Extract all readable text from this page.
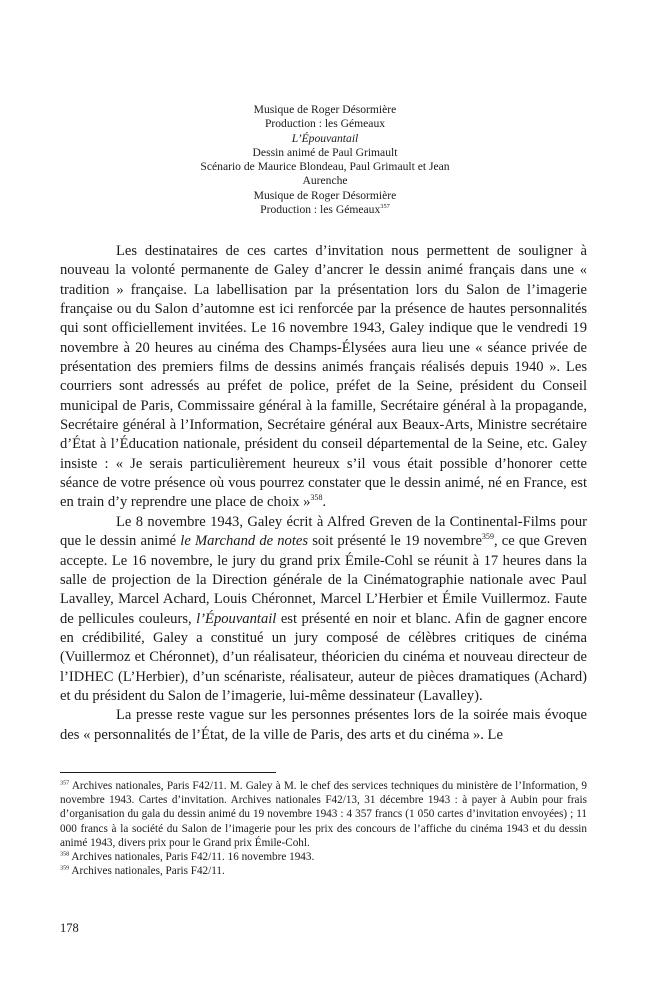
Musique de Roger Désormière
Production : les Gémeaux
L’Épouvantail
Dessin animé de Paul Grimault
Scénario de Maurice Blondeau, Paul Grimault et Jean
Aurenche
Musique de Roger Désormière
Production : les Gémeaux$^{357}$

Les destinataires de ces cartes d’invitation nous permettent de souligner à nouveau la volonté permanente de Galey d’ancrer le dessin animé français dans une « tradition » française. La labellisation par la présentation lors du Salon de l’imagerie française ou du Salon d’automne est ici renforcée par la présence de hautes personnalités qui sont officiellement invitées. Le 16 novembre 1943, Galey indique que le vendredi 19 novembre à 20 heures au cinéma des Champs-Élysées aura lieu une « séance privée de présentation des premiers films de dessins animés français réalisés depuis 1940 ». Les courriers sont adressés au préfet de police, préfet de la Seine, président du Conseil municipal de Paris, Commissaire général à la famille, Secrétaire général à la propagande, Secrétaire général à l’Information, Secrétaire général aux Beaux-Arts, Ministre secrétaire d’État à l’Éducation nationale, président du conseil départemental de la Seine, etc. Galey insiste : « Je serais particulièrement heureux s’il vous était possible d’honorer cette séance de votre présence où vous pourrez constater que le dessin animé, né en France, est en train d’y reprendre une place de choix »$^{358}$.

Le 8 novembre 1943, Galey écrit à Alfred Greven de la Continental-Films pour que le dessin animé le Marchand de notes soit présenté le 19 novembre$^{359}$, ce que Greven accepte. Le 16 novembre, le jury du grand prix Émile-Cohl se réunit à 17 heures dans la salle de projection de la Direction générale de la Cinématographie nationale avec Paul Lavalley, Marcel Achard, Louis Chéronnet, Marcel L’Herbier et Émile Vuillermoz. Faute de pellicules couleurs, l’Épouvantail est présenté en noir et blanc. Afin de gagner encore en crédibilité, Galey a constitué un jury composé de célèbres critiques de cinéma (Vuillermoz et Chéronnet), d’un réalisateur, théoricien du cinéma et nouveau directeur de l’IDHEC (L’Herbier), d’un scénariste, réalisateur, auteur de pièces dramatiques (Achard) et du président du Salon de l’imagerie, lui-même dessinateur (Lavalley).

La presse reste vague sur les personnes présentes lors de la soirée mais évoque des « personnalités de l’État, de la ville de Paris, des arts et du cinéma ». Le

$^{357}$ Archives nationales, Paris F42/11. M. Galey à M. le chef des services techniques du ministère de l’Information, 9 novembre 1943. Cartes d’invitation. Archives nationales F42/13, 31 décembre 1943 : à payer à Aubin pour frais d’organisation du gala du dessin animé du 19 novembre 1943 : 4 357 francs (1 050 cartes d’invitation envoyées) ; 11 000 francs à la société du Salon de l’imagerie pour les prix des concours de l’affiche du cinéma 1943 et du dessin animé 1943, divers prix pour le Grand prix Émile-Cohl.

$^{358}$ Archives nationales, Paris F42/11. 16 novembre 1943.

$^{359}$ Archives nationales, Paris F42/11.

178
